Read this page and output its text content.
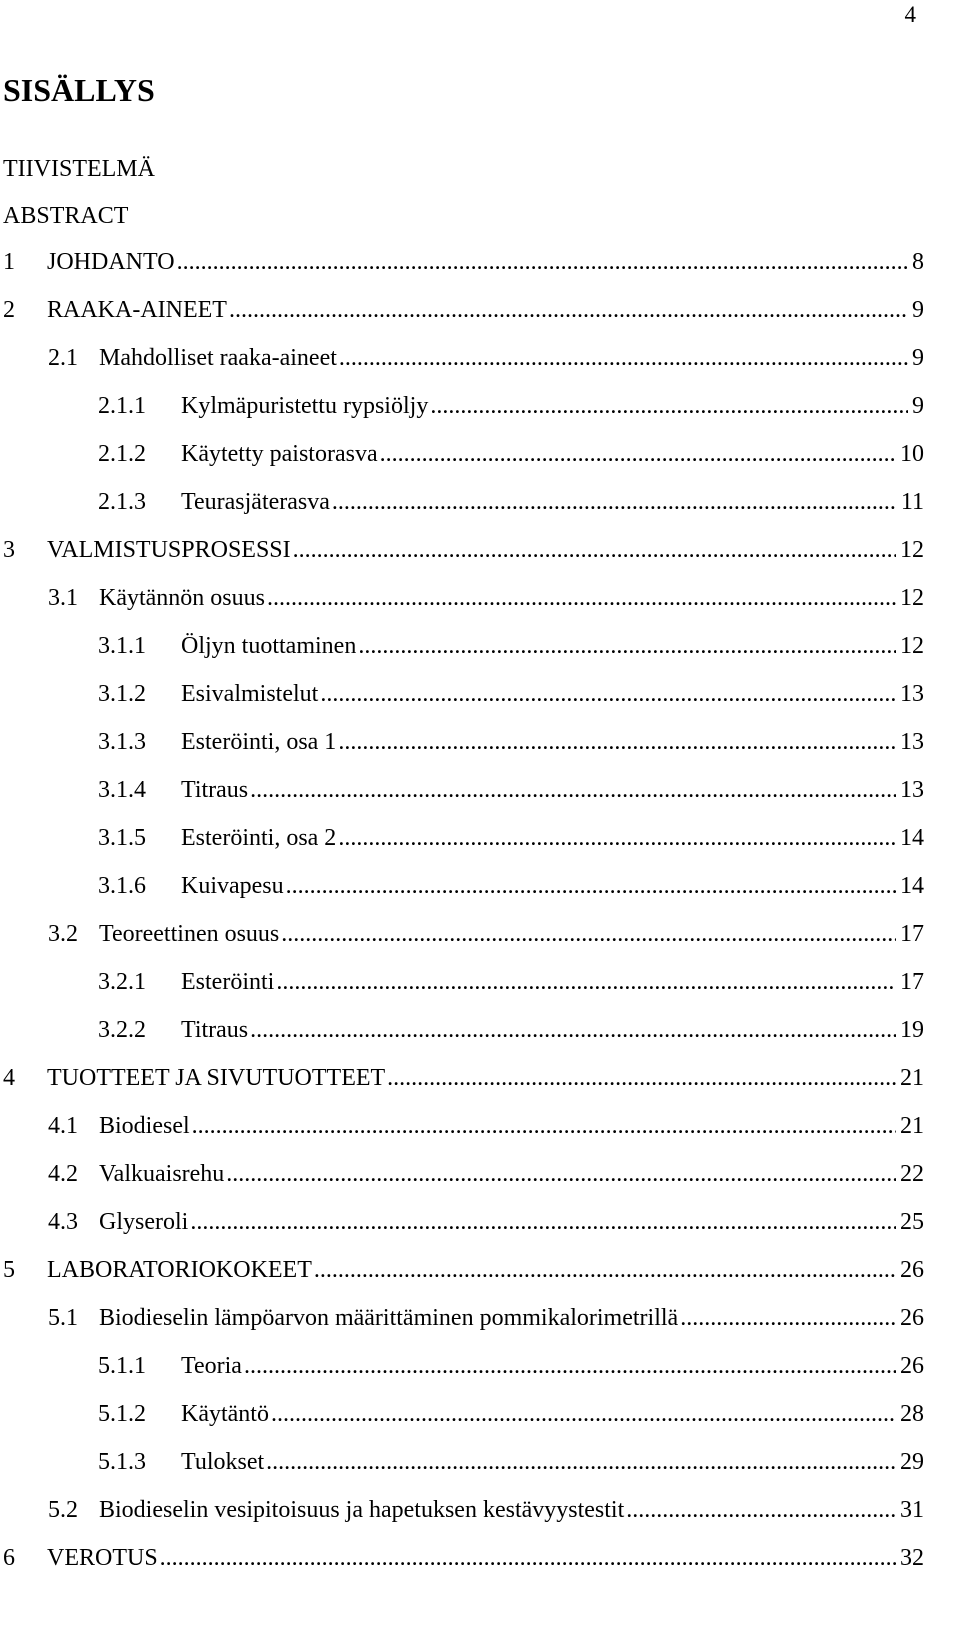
4
SISÄLLYS
TIIVISTELMÄ
ABSTRACT
1	JOHDANTO .....	8
2	RAAKA-AINEET .....	9
2.1 Mahdolliset raaka-aineet .....	9
2.1.1	Kylmäpuristettu rypsiöljy .....	9
2.1.2	Käytetty paistorasva .....	10
2.1.3	Teurasjäterasva .....	11
3	VALMISTUSPROSESSI .....	12
3.1 Käytännön osuus .....	12
3.1.1	Öljyn tuottaminen .....	12
3.1.2	Esivalmistelut .....	13
3.1.3	Esteröinti, osa 1 .....	13
3.1.4	Titraus .....	13
3.1.5	Esteröinti, osa 2 .....	14
3.1.6	Kuivapesu .....	14
3.2 Teoreettinen osuus .....	17
3.2.1	Esteröinti .....	17
3.2.2	Titraus .....	19
4	TUOTTEET JA SIVUTUOTTEET .....	21
4.1 Biodiesel .....	21
4.2 Valkuaisrehu .....	22
4.3 Glyseroli .....	25
5	LABORATORIOKOKEET .....	26
5.1 Biodieselin lämpöarvon määrittäminen pommikalorimetrillä .....	26
5.1.1	Teoria .....	26
5.1.2	Käytäntö .....	28
5.1.3	Tulokset .....	29
5.2 Biodieselin vesipitoisuus ja hapetuksen kestävyystestit .....	31
6	VEROTUS .....	32
